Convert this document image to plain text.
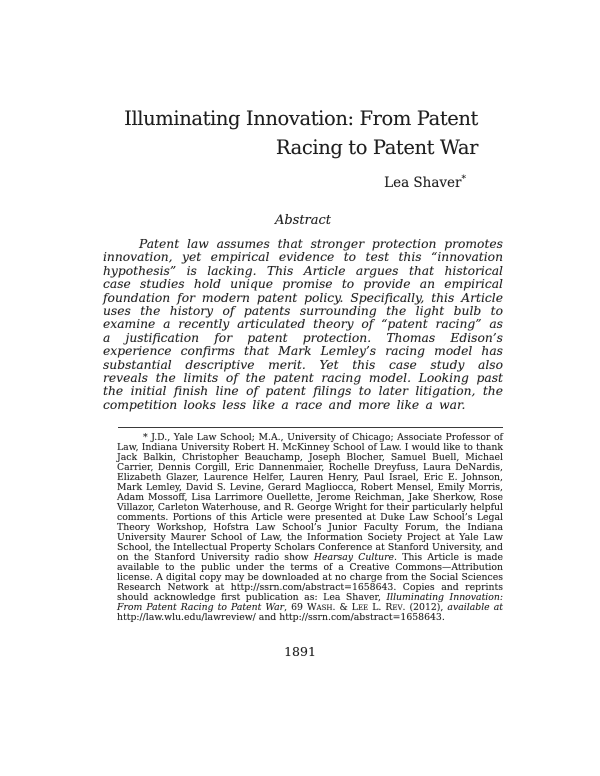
Illuminating Innovation: From Patent
Racing to Patent War
Lea Shaver*
Abstract

Patent law assumes that stronger protection promotes innovation, yet empirical evidence to test this “innovation hypothesis” is lacking. This Article argues that historical case studies hold unique promise to provide an empirical foundation for modern patent policy. Specifically, this Article uses the history of patents surrounding the light bulb to examine a recently articulated theory of “patent racing” as a justification for patent protection. Thomas Edison’s experience confirms that Mark Lemley’s racing model has substantial descriptive merit. Yet this case study also reveals the limits of the patent racing model. Looking past the initial finish line of patent filings to later litigation, the competition looks less like a race and more like a war.

* J.D., Yale Law School; M.A., University of Chicago; Associate Professor of Law, Indiana University Robert H. McKinney School of Law. I would like to thank Jack Balkin, Christopher Beauchamp, Joseph Blocher, Samuel Buell, Michael Carrier, Dennis Corgill, Eric Dannenmaier, Rochelle Dreyfuss, Laura DeNardis, Elizabeth Glazer, Laurence Helfer, Lauren Henry, Paul Israel, Eric E. Johnson, Mark Lemley, David S. Levine, Gerard Magliocca, Robert Mensel, Emily Morris, Adam Mossoff, Lisa Larrimore Ouellette, Jerome Reichman, Jake Sherkow, Rose Villazor, Carleton Waterhouse, and R. George Wright for their particularly helpful comments. Portions of this Article were presented at Duke Law School’s Legal Theory Workshop, Hofstra Law School’s Junior Faculty Forum, the Indiana University Maurer School of Law, the Information Society Project at Yale Law School, the Intellectual Property Scholars Conference at Stanford University, and on the Stanford University radio show Hearsay Culture. This Article is made available to the public under the terms of a Creative Commons—Attribution license. A digital copy may be downloaded at no charge from the Social Sciences Research Network at http://ssrn.com/abstract=1658643. Copies and reprints should acknowledge first publication as: Lea Shaver, Illuminating Innovation: From Patent Racing to Patent War, 69 Wash. & Lee L. Rev. (2012), available at http://law.wlu.edu/lawreview/ and http://ssrn.com/abstract=1658643.

1891
